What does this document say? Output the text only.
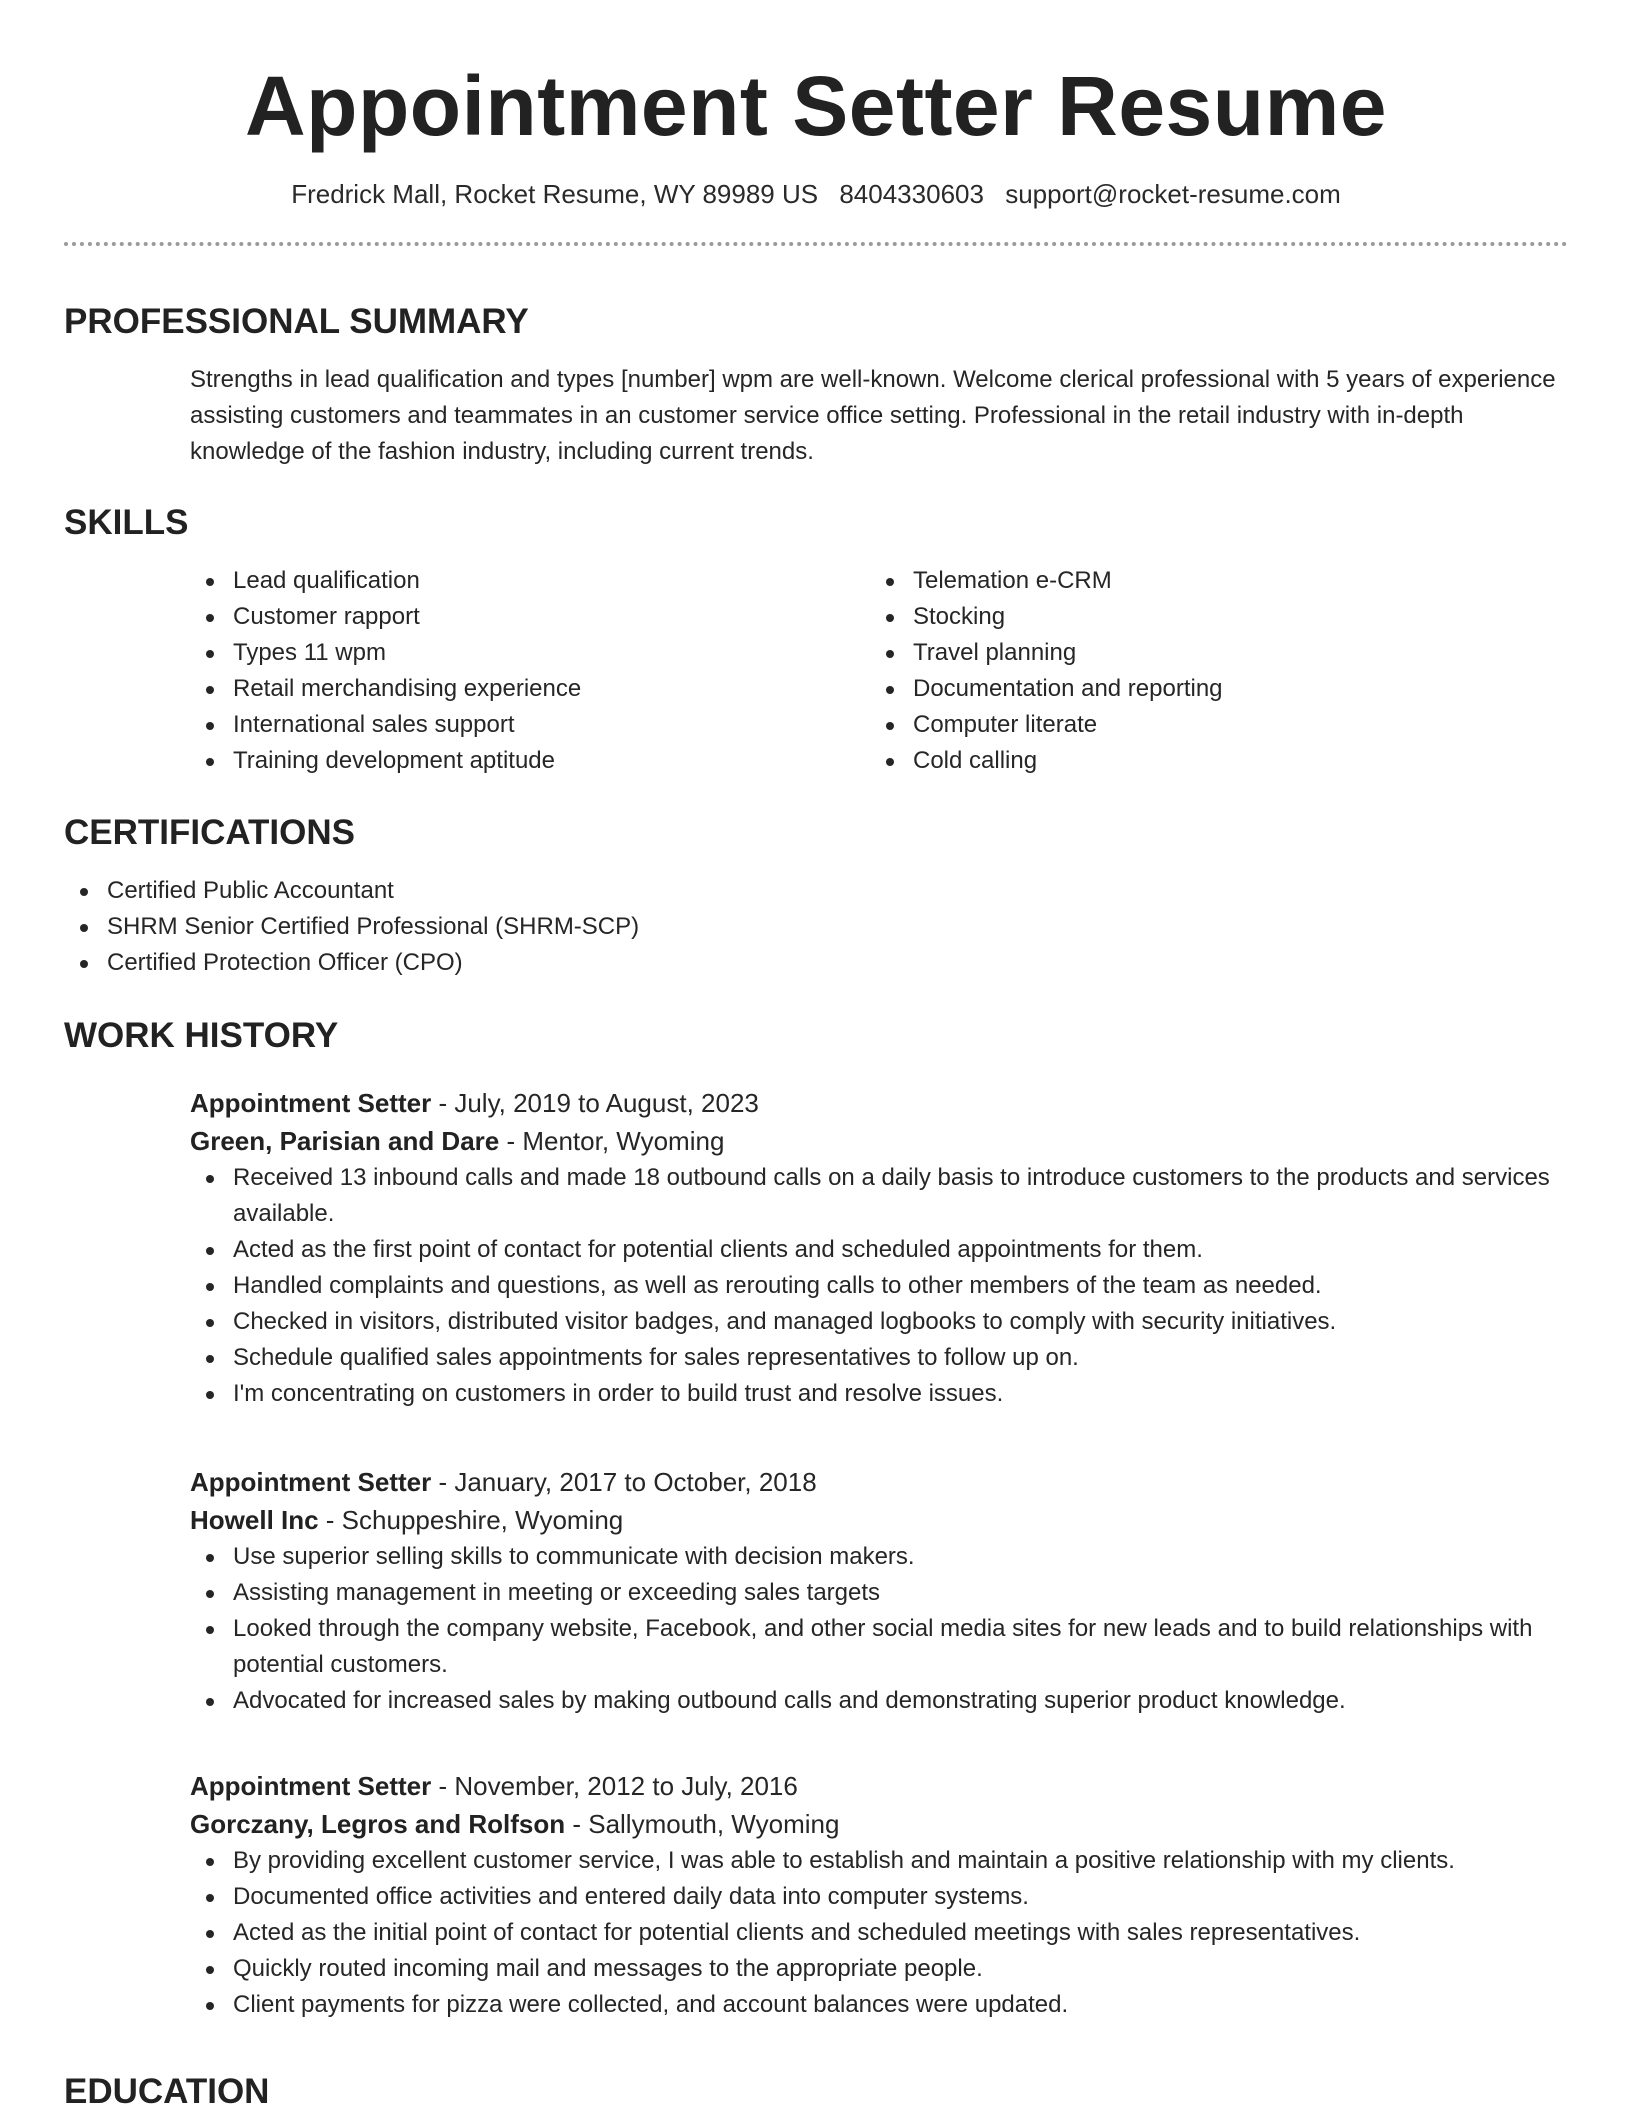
Appointment Setter Resume
Fredrick Mall, Rocket Resume, WY 89989 US 8404330603 support@rocket-resume.com
PROFESSIONAL SUMMARY
Strengths in lead qualification and types [number] wpm are well-known. Welcome clerical professional with 5 years of experience assisting customers and teammates in an customer service office setting. Professional in the retail industry with in-depth knowledge of the fashion industry, including current trends.
SKILLS
Lead qualification
Customer rapport
Types 11 wpm
Retail merchandising experience
International sales support
Training development aptitude
Telemation e-CRM
Stocking
Travel planning
Documentation and reporting
Computer literate
Cold calling
CERTIFICATIONS
Certified Public Accountant
SHRM Senior Certified Professional (SHRM-SCP)
Certified Protection Officer (CPO)
WORK HISTORY
Appointment Setter - July, 2019 to August, 2023
Green, Parisian and Dare - Mentor, Wyoming
Received 13 inbound calls and made 18 outbound calls on a daily basis to introduce customers to the products and services available.
Acted as the first point of contact for potential clients and scheduled appointments for them.
Handled complaints and questions, as well as rerouting calls to other members of the team as needed.
Checked in visitors, distributed visitor badges, and managed logbooks to comply with security initiatives.
Schedule qualified sales appointments for sales representatives to follow up on.
I'm concentrating on customers in order to build trust and resolve issues.
Appointment Setter - January, 2017 to October, 2018
Howell Inc - Schuppeshire, Wyoming
Use superior selling skills to communicate with decision makers.
Assisting management in meeting or exceeding sales targets
Looked through the company website, Facebook, and other social media sites for new leads and to build relationships with potential customers.
Advocated for increased sales by making outbound calls and demonstrating superior product knowledge.
Appointment Setter - November, 2012 to July, 2016
Gorczany, Legros and Rolfson - Sallymouth, Wyoming
By providing excellent customer service, I was able to establish and maintain a positive relationship with my clients.
Documented office activities and entered daily data into computer systems.
Acted as the initial point of contact for potential clients and scheduled meetings with sales representatives.
Quickly routed incoming mail and messages to the appropriate people.
Client payments for pizza were collected, and account balances were updated.
EDUCATION
